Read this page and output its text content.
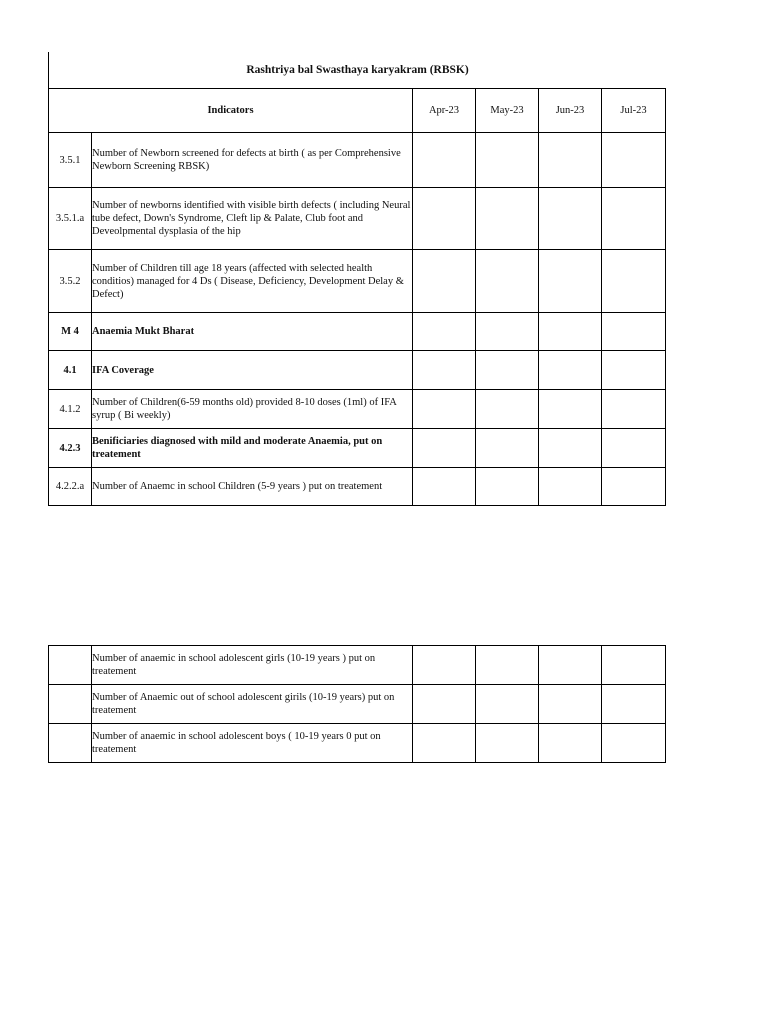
Rashtriya bal Swasthaya karyakram (RBSK)
Indicators		Apr-23	May-23	Jun-23	Jul-23
3.5.1	Number of Newborn screened for defects at birth ( as per Comprehensive Newborn Screening RBSK)				
3.5.1.a	Number of newborns identified with visible birth defects ( including Neural tube defect, Down's Syndrome, Cleft lip & Palate, Club foot and Deveolpmental dysplasia of the hip				
3.5.2	Number of Children till age 18 years (affected with selected health conditios) managed for 4 Ds ( Disease, Deficiency, Development Delay & Defect)				
M 4	Anaemia Mukt Bharat				
4.1	IFA Coverage				
4.1.2	Number of Children(6-59 months old) provided 8-10 doses (1ml) of IFA syrup ( Bi weekly)				
4.2.3	Benificiaries diagnosed with mild and moderate Anaemia, put on treatement				
4.2.2.a	Number of Anaemc in school Children (5-9 years ) put on treatement				
	Number of anaemic in school adolescent girls (10-19 years ) put on treatement				
	Number of Anaemic out of school adolescent girils (10-19 years) put on treatement				
	Number of anaemic in school adolescent boys ( 10-19 years 0 put on treatement				
